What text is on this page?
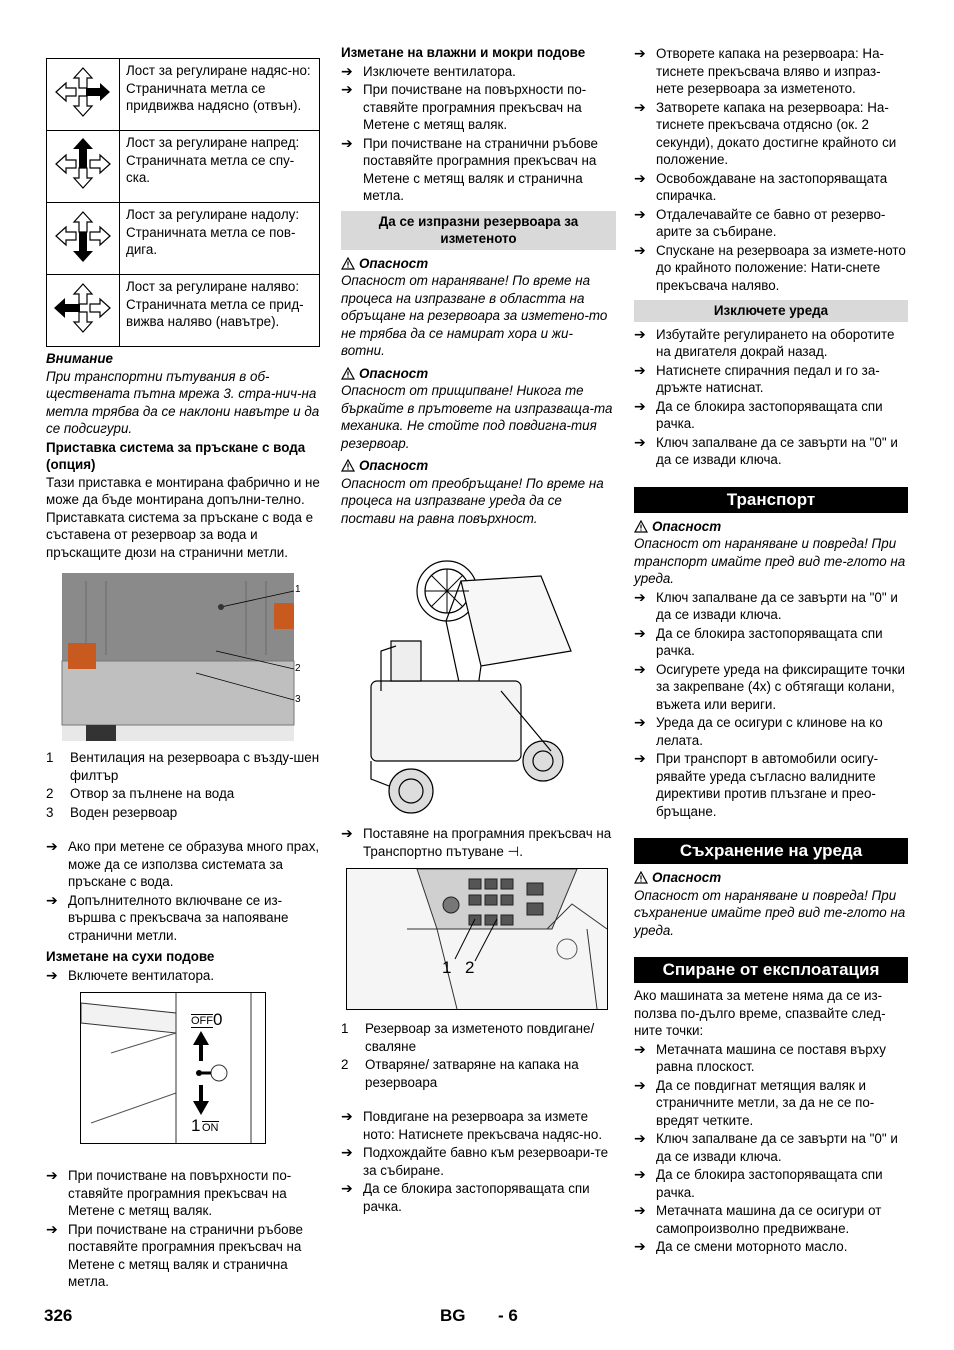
	Лост за регулиране надяс-но: Страничната метла се придвижва надясно (отвън).
	Лост за регулиране напред: Страничната метла се спу-ска.
	Лост за регулиране надолу: Страничната метла се пов-дига.
	Лост за регулиране наляво: Страничната метла се прид-вижва наляво (навътре).

Внимание

При транспортни пътувания в об-ществената пътна мрежа 3. стра-нич-на метла трябва да се наклони навътре и да се подсигури.

Приставка система за пръскане с вода (опция)

Тази приставка е монтирана фабрично и не може да бъде монтирана допълни-телно.

Приставката система за пръскане с вода е съставена от резервоар за вода и пръскащите дюзи на странични метли.

1
2
3
1	Вентилация на резервоара с възду-шен филтър
2	Отвор за пълнене на вода
3	Воден резервоар
➔ Ако при метене се образува много прах, може да се използва системата за пръскане с вода.
➔ Допълнителното включване се из-вършва с прекъсвача за напояване странични метли.

Изметане на сухи подове

➔ Включете вентилатора.
$\overline{OFF}$ 0
1 ON
➔ При почистване на повърхности по-ставяйте програмния прекъсвач на Метене с метящ валяк.
➔ При почистване на странични ръбове поставяйте програмния прекъсвач на Метене с метящ валяк и странична метла.

Изметане на влажни и мокри подове

➔ Изключете вентилатора.
➔ При почистване на повърхности по-ставяйте програмния прекъсвач на Метене с метящ валяк.
➔ При почистване на странични ръбове поставяйте програмния прекъсвач на Метене с метящ валяк и странична метла.
Да се изпразни резервоара за изметеното
Опасност

Опасност от нараняване! По време на процеса на изпразване в областта на обръщане на резервоара за изметено-то не трябва да се намират хора и жи-вотни.

Опасност

Опасност от прищипване! Никога те бъркайте в прътовете на изпразваща-та механика. Не стойте под повдигна-тия резервоар.

Опасност

Опасност от преобръщане! По време на процеса на изпразване уреда да се постави на равна повърхност.

➔ Поставяне на програмния прекъсвач на Транспортно пътуване ⊣.
1 2
1	Резервоар за изметеното повдигане/ сваляне
2	Отваряне/ затваряне на капака на резервоара
➔ Повдигане на резервоара за измете ното: Натиснете прекъсвача надяс-но.
➔ Подхождайте бавно към резервоари-те за събиране.
➔ Да се блокира застопоряващата спи рачка.
➔ Отворете капака на резервоара: На-тиснете прекъсвача вляво и изпраз-нете резервоара за изметеното.
➔ Затворете капака на резервоара: На-тиснете прекъсвача отдясно (ок. 2 секунди), докато достигне крайното си положение.
➔ Освобождаване на застопоряващата спирачка.
➔ Отдалечавайте се бавно от резерво-арите за събиране.
➔ Спускане на резервоара за измете-ното до крайното положение: Нати-снете прекъсвача наляво.
Изключете уреда
➔ Избутайте регулирането на оборотите на двигателя докрай назад.
➔ Натиснете спирачния педал и го за-дръжте натиснат.
➔ Да се блокира застопоряващата спи рачка.
➔ Ключ запалване да се завърти на "0" и да се извади ключа.
Транспорт
Опасност

Опасност от нараняване и повреда! При транспорт имайте пред вид те-глото на уреда.

➔ Ключ запалване да се завърти на "0" и да се извади ключа.
➔ Да се блокира застопоряващата спи рачка.
➔ Осигурете уреда на фиксиращите точки за закрепване (4x) с обтягащи колани, въжета или вериги.
➔ Уреда да се осигури с клинове на ко лелата.
➔ При транспорт в автомобили осигу-рявайте уреда съгласно валидните директиви против плъзгане и прео-бръщане.
Съхранение на уреда
Опасност

Опасност от нараняване и повреда! При съхранение имайте пред вид те-глото на уреда.

Спиране от експлоатация

Ако машината за метене няма да се из-ползва по-дълго време, спазвайте след-ните точки:

➔ Метачната машина се поставя върху равна плоскост.
➔ Да се повдигнат метящия валяк и страничните метли, за да не се по-вредят четките.
➔ Ключ запалване да се завърти на "0" и да се извади ключа.
➔ Да се блокира застопоряващата спи рачка.
➔ Метачната машина да се осигури от самопроизволно предвижване.
➔ Да се смени моторното масло.
326	BG - 6
